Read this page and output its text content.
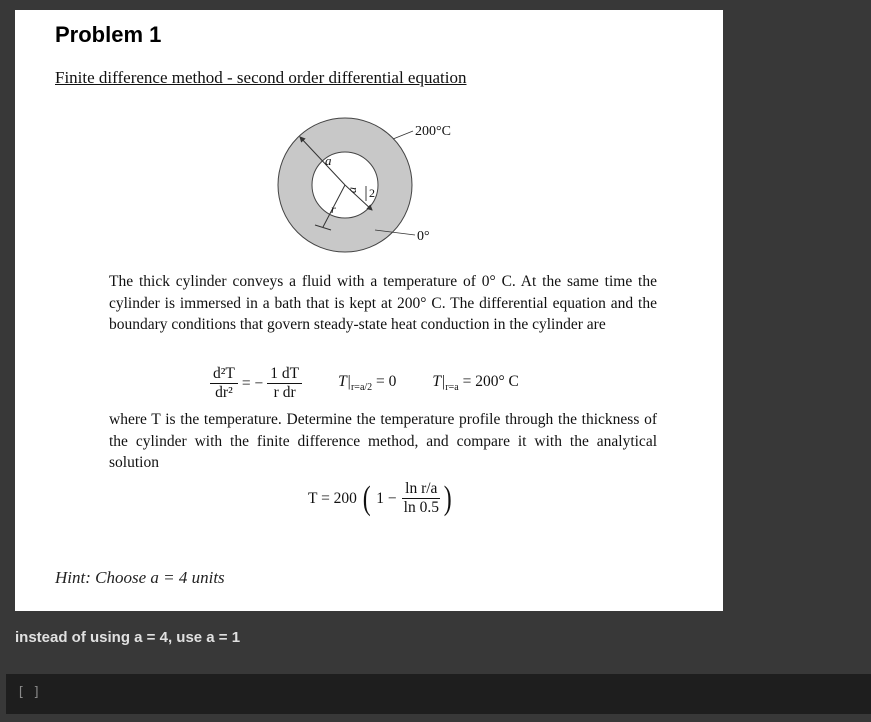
Problem 1
Finite difference method - second order differential equation
a
a 2
r
200°C
0°
The thick cylinder conveys a fluid with a temperature of 0° C. At the same time the cylinder is immersed in a bath that is kept at 200° C. The differential equation and the boundary conditions that govern steady-state heat conduction in the cylinder are
$\frac{\text{d²T}}{\text{dr²}}$ = − $\frac{1 dT}{\text{r dr}} T|_{r=a/2} = 0$ $T|_{r=a} = 200^\circ$ C
where T is the temperature. Determine the temperature profile through the thickness of the cylinder with the finite difference method, and compare it with the analytical solution
T = 200 ( $1 - \frac{\text{ln r/a}}{\ln 0.5}$ )
Hint: Choose a = 4 units
instead of using a = 4, use a = 1
[ ]
